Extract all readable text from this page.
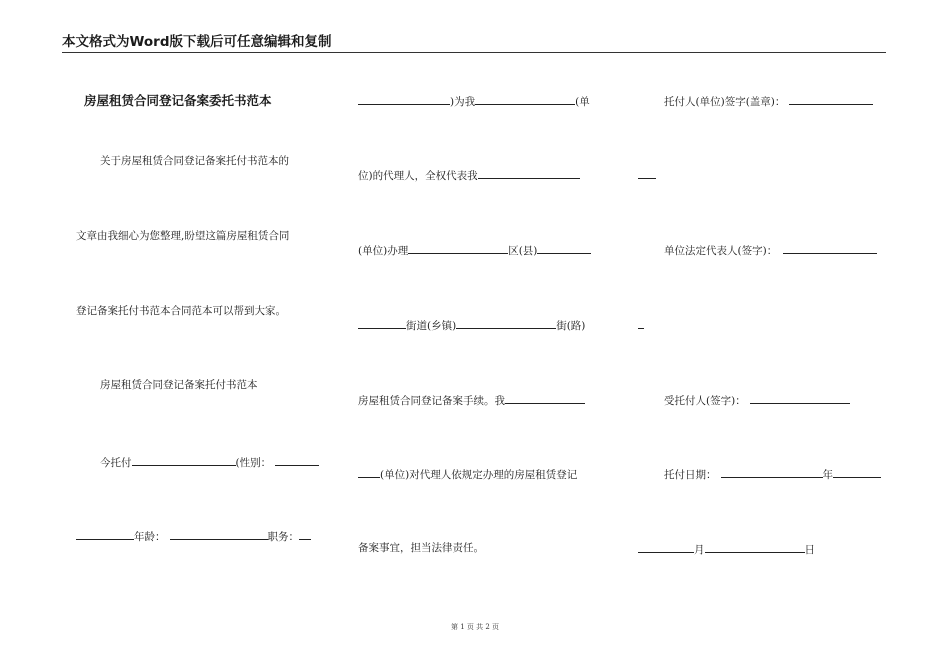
本文格式为Word版下载后可任意编辑和复制
房屋租赁合同登记备案委托书范本
关于房屋租赁合同登记备案托付书范本的
文章由我细心为您整理,盼望这篇房屋租赁合同
登记备案托付书范本合同范本可以帮到大家。
房屋租赁合同登记备案托付书范本
今托付	(性别：
年龄：	职务：
)为我	(单
位)的代理人，全权代表我
(单位)办理	区(县)
街道(乡镇)	街(路)
房屋租赁合同登记备案手续。我
(单位)对代理人依规定办理的房屋租赁登记
备案事宜，担当法律责任。
托付人(单位)签字(盖章)：
单位法定代表人(签字)：
受托付人(签字)：
托付日期：	年
月	日
第 1 页 共 2 页
